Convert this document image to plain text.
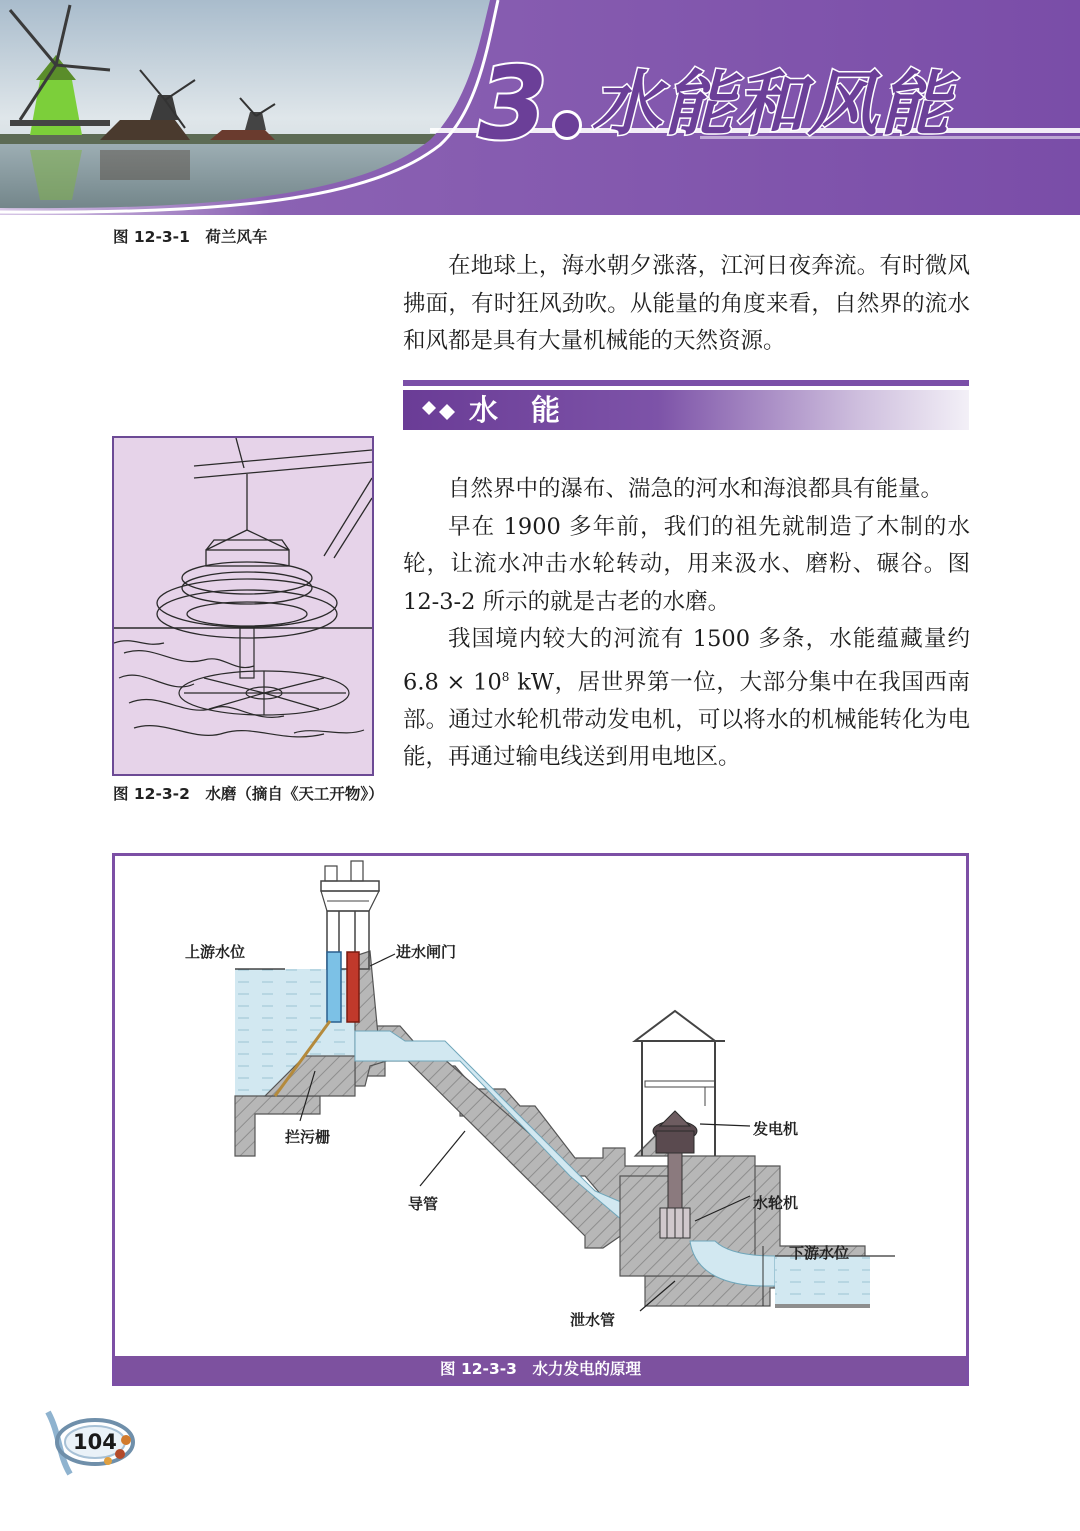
3 水能和风能
图 12-3-1　荷兰风车

在地球上，海水朝夕涨落，江河日夜奔流。有时微风拂面，有时狂风劲吹。从能量的角度来看，自然界的流水和风都是具有大量机械能的天然资源。

水　能

自然界中的瀑布、湍急的河水和海浪都具有能量。

早在 1900 多年前，我们的祖先就制造了木制的水轮，让流水冲击水轮转动，用来汲水、磨粉、碾谷。图 12-3-2 所示的就是古老的水磨。

我国境内较大的河流有 1500 多条，水能蕴藏量约 $6.8 \times 10^8$ kW，居世界第一位，大部分集中在我国西南部。通过水轮机带动发电机，可以将水的机械能转化为电能，再通过输电线送到用电地区。

图 12-3-2　水磨（摘自《天工开物》）
上游水位	进水闸门
拦污栅
导管
发电机
水轮机
下游水位
泄水管
图 12-3-3　水力发电的原理
104
